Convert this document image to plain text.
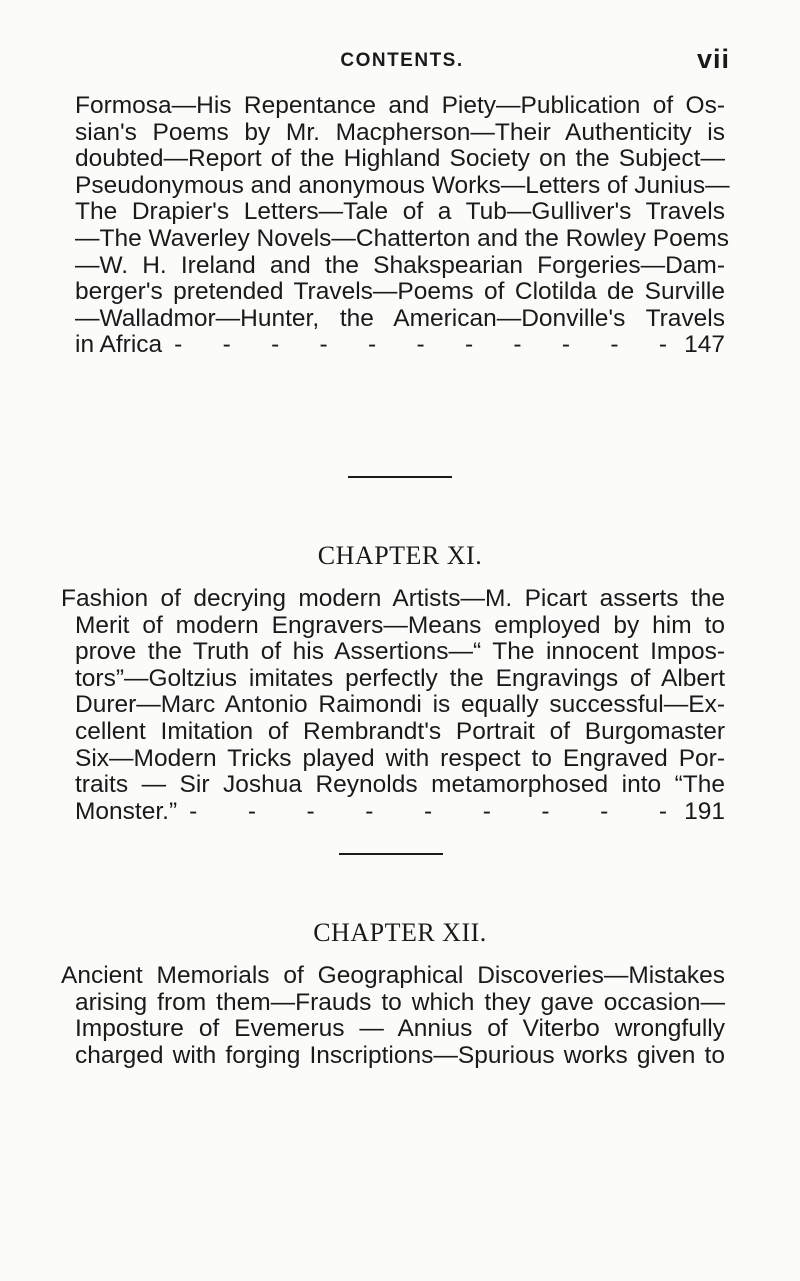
CONTENTS.	vii
Formosa—His Repentance and Piety—Publication of Os-
sian's Poems by Mr. Macpherson—Their Authenticity is
doubted—Report of the Highland Society on the Subject—
Pseudonymous and anonymous Works—Letters of Junius—
The Drapier's Letters—Tale of a Tub—Gulliver's Travels
—The Waverley Novels—Chatterton and the Rowley Poems
—W. H. Ireland and the Shakspearian Forgeries—Dam-
berger's pretended Travels—Poems of Clotilda de Surville
—Walladmor—Hunter, the American—Donville's Travels
in Africa - - - - - - - - - - - 147
CHAPTER XI.
Fashion of decrying modern Artists—M. Picart asserts the
Merit of modern Engravers—Means employed by him to
prove the Truth of his Assertions—“ The innocent Impos-
tors”—Goltzius imitates perfectly the Engravings of Albert
Durer—Marc Antonio Raimondi is equally successful—Ex-
cellent Imitation of Rembrandt's Portrait of Burgomaster
Six—Modern Tricks played with respect to Engraved Por-
traits — Sir Joshua Reynolds metamorphosed into “The
Monster.” - - - - - - - - - 191
CHAPTER XII.
Ancient Memorials of Geographical Discoveries—Mistakes
arising from them—Frauds to which they gave occasion—
Imposture of Evemerus — Annius of Viterbo wrongfully
charged with forging Inscriptions—Spurious works given to
